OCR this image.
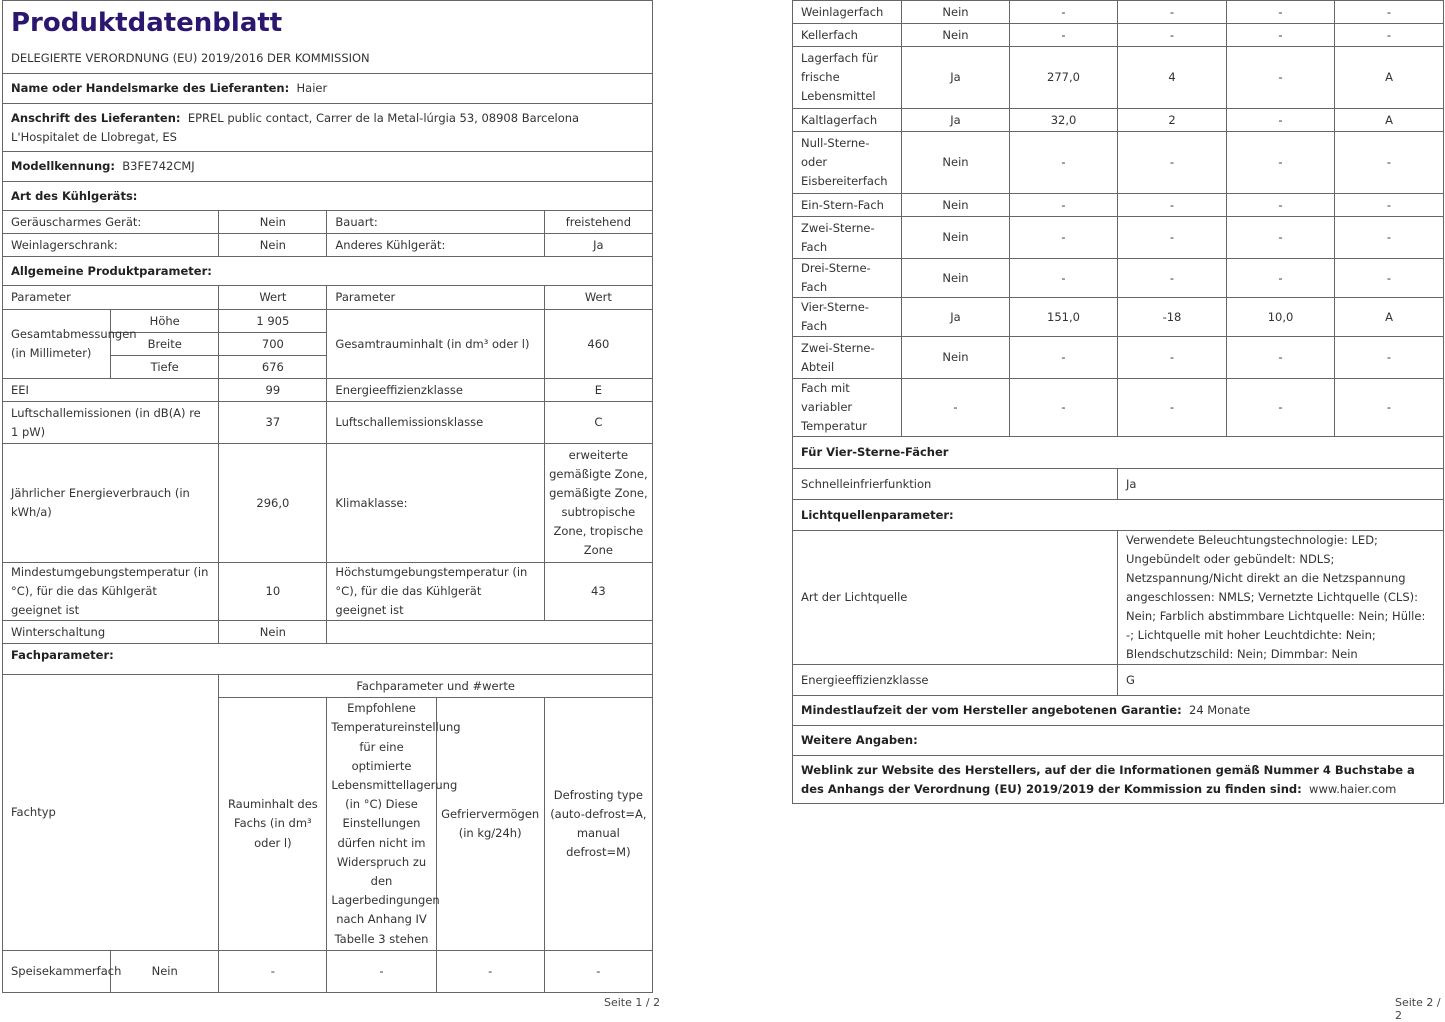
Produktdatenblatt					
DELEGIERTE VERORDNUNG (EU) 2019/2016 DER KOMMISSION					
Name oder Handelsmarke des Lieferanten: Haier					
Anschrift des Lieferanten: EPREL public contact, Carrer de la Metal-lúrgia 53, 08908 Barcelona L'Hospitalet de Llobregat, ES					
Modellkennung: B3FE742CMJ					
Art des Kühlgeräts:					
Geräuscharmes Gerät:		Nein	Bauart:		freistehend
Weinlagerschrank:		Nein	Anderes Kühlgerät:		Ja
Allgemeine Produktparameter:					
Parameter		Wert	Parameter		Wert
Gesamtabmessungen (in Millimeter)	Höhe	1 905	Gesamtrauminhalt (in dm³ oder l)		460
	Breite	700			
	Tiefe	676			
EEI		99	Energieeffizienzklasse		E
Luftschallemissionen (in dB(A) re 1 pW)		37	Luftschallemissionsklasse		C
Jährlicher Energieverbrauch (in kWh/a)		296,0	Klimaklasse:		erweiterte gemäßigte Zone, gemäßigte Zone, subtropische Zone, tropische Zone
Mindestumgebungstemperatur (in °C), für die das Kühlgerät geeignet ist		10	Höchstumgebungstemperatur (in °C), für die das Kühlgerät geeignet ist		43
Winterschaltung		Nein			
Fachparameter:					

Fachtyp		Fachparameter und #werte			
		Rauminhalt des Fachs (in dm³ oder l)	Empfohlene Temperatureinstellung für eine optimierte Lebensmittellagerung (in °C) Diese Einstellungen dürfen nicht im Widerspruch zu den Lagerbedingungen nach Anhang IV Tabelle 3 stehen	Gefriervermögen (in kg/24h)	Defrosting type (auto-defrost=A, manual defrost=M)
Speisekammerfach	Nein	-	-	-	-
Seite 1 / 2
Weinlagerfach	Nein	-	-	-	-
Kellerfach	Nein	-	-	-	-
Lagerfach für frische Lebensmittel	Ja	277,0	4	-	A
Kaltlagerfach	Ja	32,0	2	-	A
Null-Sterne- oder Eisbereiterfach	Nein	-	-	-	-
Ein-Stern-Fach	Nein	-	-	-	-
Zwei-Sterne-Fach	Nein	-	-	-	-
Drei-Sterne-Fach	Nein	-	-	-	-
Vier-Sterne-Fach	Ja	151,0	-18	10,0	A
Zwei-Sterne-Abteil	Nein	-	-	-	-
Fach mit variabler Temperatur	-	-	-	-	-
Für Vier-Sterne-Fächer					
Schnelleinfrierfunktion			Ja		
Lichtquellenparameter:					
Art der Lichtquelle			Verwendete Beleuchtungstechnologie: LED; Ungebündelt oder gebündelt: NDLS; Netzspannung/Nicht direkt an die Netzspannung angeschlossen: NMLS; Vernetzte Lichtquelle (CLS): Nein; Farblich abstimmbare Lichtquelle: Nein; Hülle: -; Lichtquelle mit hoher Leuchtdichte: Nein; Blendschutzschild: Nein; Dimmbar: Nein		
Energieeffizienzklasse			G		
Mindestlaufzeit der vom Hersteller angebotenen Garantie: 24 Monate					
Weitere Angaben:					
Weblink zur Website des Herstellers, auf der die Informationen gemäß Nummer 4 Buchstabe a des Anhangs der Verordnung (EU) 2019/2019 der Kommission zu finden sind: www.haier.com					
Seite 2 / 2
